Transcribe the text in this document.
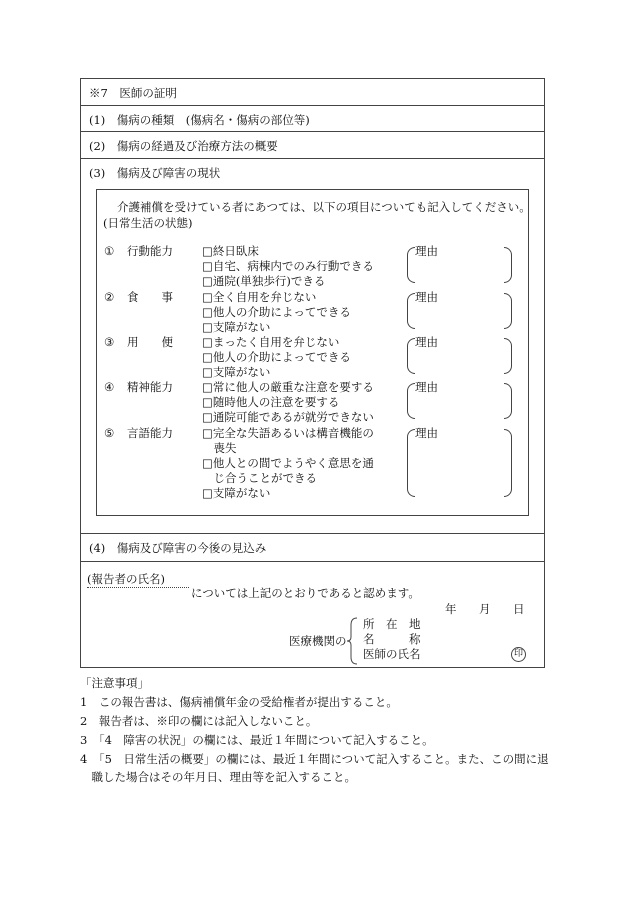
※7　医師の証明
(1)　傷病の種類　(傷病名・傷病の部位等)
(2)　傷病の経過及び治療方法の概要
(3)　傷病及び障害の現状
(4)　傷病及び障害の今後の見込み
介護補償を受けている者にあつては、以下の項目についても記入してください。
(日常生活の状態)
① 行動能力	□終日臥床
□自宅、病棟内でのみ行動できる
□通院(単独歩行)できる
理由
② 食　　事	□全く自用を弁じない
□他人の介助によってできる
□支障がない
理由
③ 用　　便	□まったく自用を弁じない
□他人の介助によってできる
□支障がない
理由
④ 精神能力	□常に他人の厳重な注意を要する
□随時他人の注意を要する
□通院可能であるが就労できない
理由
⑤ 言語能力	□完全な失語あるいは構音機能の
　喪失
□他人との間でようやく意思を通
　じ合うことができる
□支障がない
理由
(報告者の氏名)
については上記のとおりであると認めます。
年 月 日
医療機関の
所　在　地
名　　　称
医師の氏名	印
「注意事項」
1　この報告書は、傷病補償年金の受給権者が提出すること。
2　報告者は、※印の欄には記入しないこと。
3　「4　障害の状況」の欄には、最近１年間について記入すること。
4　「5　日常生活の概要」の欄には、最近１年間について記入すること。また、この間に退
　職した場合はその年月日、理由等を記入すること。
